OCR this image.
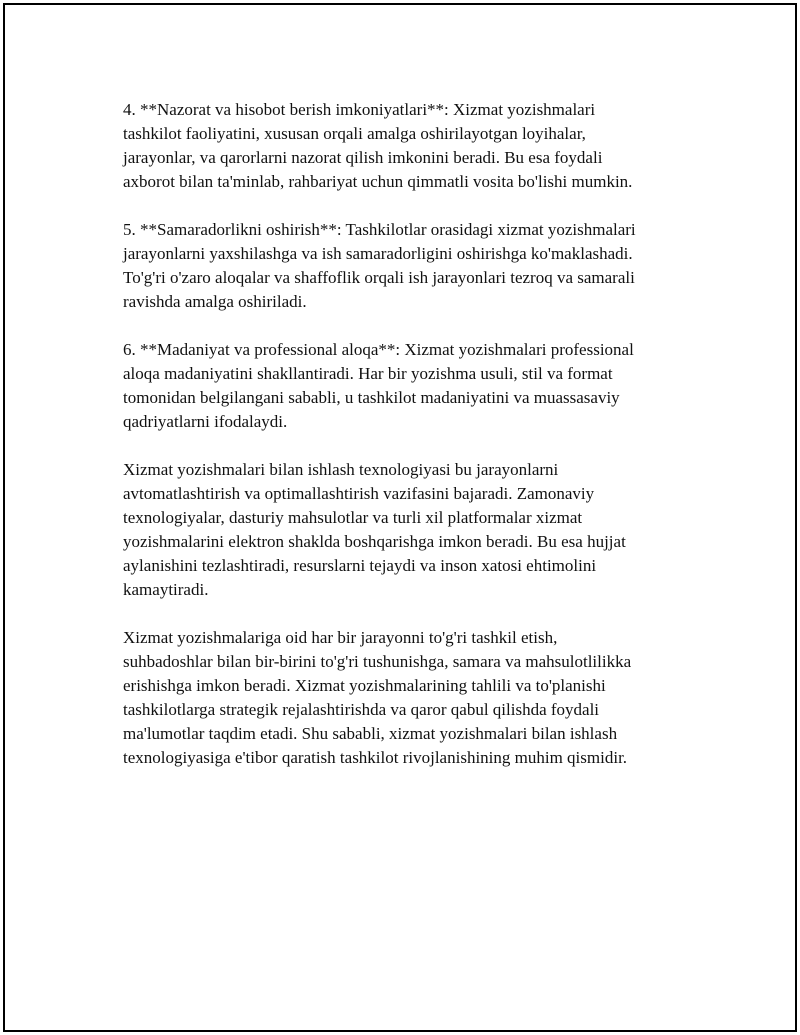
4. **Nazorat va hisobot berish imkoniyatlari**: Xizmat yozishmalari
tashkilot faoliyatini, xususan orqali amalga oshirilayotgan loyihalar,
jarayonlar, va qarorlarni nazorat qilish imkonini beradi. Bu esa foydali
axborot bilan ta'minlab, rahbariyat uchun qimmatli vosita bo'lishi mumkin.

5. **Samaradorlikni oshirish**: Tashkilotlar orasidagi xizmat yozishmalari
jarayonlarni yaxshilashga va ish samaradorligini oshirishga ko'maklashadi.
To'g'ri o'zaro aloqalar va shaffoflik orqali ish jarayonlari tezroq va samarali
ravishda amalga oshiriladi.

6. **Madaniyat va professional aloqa**: Xizmat yozishmalari professional
aloqa madaniyatini shakllantiradi. Har bir yozishma usuli, stil va format
tomonidan belgilangani sababli, u tashkilot madaniyatini va muassasaviy
qadriyatlarni ifodalaydi.

Xizmat yozishmalari bilan ishlash texnologiyasi bu jarayonlarni
avtomatlashtirish va optimallashtirish vazifasini bajaradi. Zamonaviy
texnologiyalar, dasturiy mahsulotlar va turli xil platformalar xizmat
yozishmalarini elektron shaklda boshqarishga imkon beradi. Bu esa hujjat
aylanishini tezlashtiradi, resurslarni tejaydi va inson xatosi ehtimolini
kamaytiradi.

Xizmat yozishmalariga oid har bir jarayonni to'g'ri tashkil etish,
suhbadoshlar bilan bir-birini to'g'ri tushunishga, samara va mahsulotlilikka
erishishga imkon beradi. Xizmat yozishmalarining tahlili va to'planishi
tashkilotlarga strategik rejalashtirishda va qaror qabul qilishda foydali
ma'lumotlar taqdim etadi. Shu sababli, xizmat yozishmalari bilan ishlash
texnologiyasiga e'tibor qaratish tashkilot rivojlanishining muhim qismidir.
